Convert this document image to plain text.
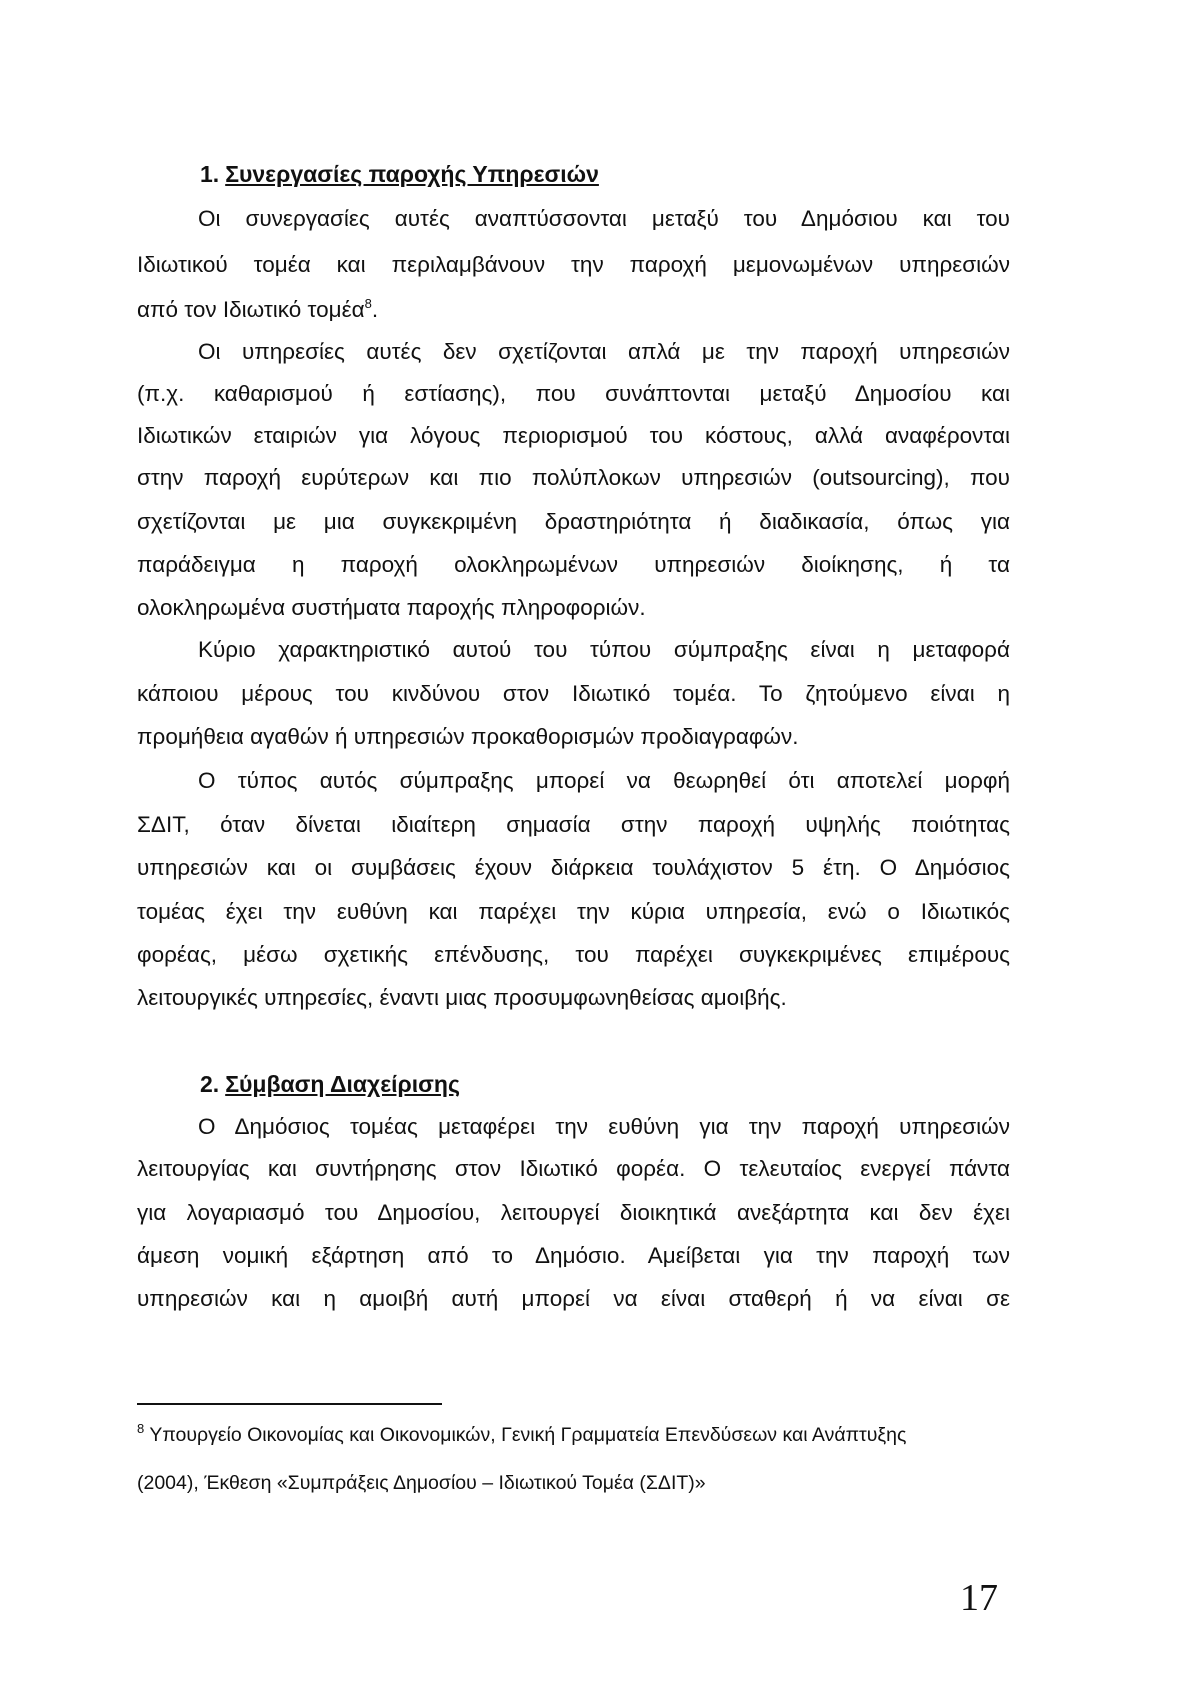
1. Συνεργασίες παροχής Υπηρεσιών
Οι συνεργασίες αυτές αναπτύσσονται μεταξύ του Δημόσιου και του
Ιδιωτικού τομέα και περιλαμβάνουν την παροχή μεμονωμένων υπηρεσιών
από τον Ιδιωτικό τομέα$^8$.
Οι υπηρεσίες αυτές δεν σχετίζονται απλά με την παροχή υπηρεσιών
(π.χ. καθαρισμού ή εστίασης), που συνάπτονται μεταξύ Δημοσίου και
Ιδιωτικών εταιριών για λόγους περιορισμού του κόστους, αλλά αναφέρονται
στην παροχή ευρύτερων και πιο πολύπλοκων υπηρεσιών (outsourcing), που
σχετίζονται με μια συγκεκριμένη δραστηριότητα ή διαδικασία, όπως για
παράδειγμα η παροχή ολοκληρωμένων υπηρεσιών διοίκησης, ή τα
ολοκληρωμένα συστήματα παροχής πληροφοριών.
Κύριο χαρακτηριστικό αυτού του τύπου σύμπραξης είναι η μεταφορά
κάποιου μέρους του κινδύνου στον Ιδιωτικό τομέα. Το ζητούμενο είναι η
προμήθεια αγαθών ή υπηρεσιών προκαθορισμών προδιαγραφών.
Ο τύπος αυτός σύμπραξης μπορεί να θεωρηθεί ότι αποτελεί μορφή
ΣΔΙΤ, όταν δίνεται ιδιαίτερη σημασία στην παροχή υψηλής ποιότητας
υπηρεσιών και οι συμβάσεις έχουν διάρκεια τουλάχιστον 5 έτη. Ο Δημόσιος
τομέας έχει την ευθύνη και παρέχει την κύρια υπηρεσία, ενώ ο Ιδιωτικός
φορέας, μέσω σχετικής επένδυσης, του παρέχει συγκεκριμένες επιμέρους
λειτουργικές υπηρεσίες, έναντι μιας προσυμφωνηθείσας αμοιβής.
2. Σύμβαση Διαχείρισης
Ο Δημόσιος τομέας μεταφέρει την ευθύνη για την παροχή υπηρεσιών
λειτουργίας και συντήρησης στον Ιδιωτικό φορέα. Ο τελευταίος ενεργεί πάντα
για λογαριασμό του Δημοσίου, λειτουργεί διοικητικά ανεξάρτητα και δεν έχει
άμεση νομική εξάρτηση από το Δημόσιο. Αμείβεται για την παροχή των
υπηρεσιών και η αμοιβή αυτή μπορεί να είναι σταθερή ή να είναι σε
$^8$ Υπουργείο Οικονομίας και Οικονομικών, Γενική Γραμματεία Επενδύσεων και Ανάπτυξης
(2004), Έκθεση «Συμπράξεις Δημοσίου – Ιδιωτικού Τομέα (ΣΔΙΤ)»
17
